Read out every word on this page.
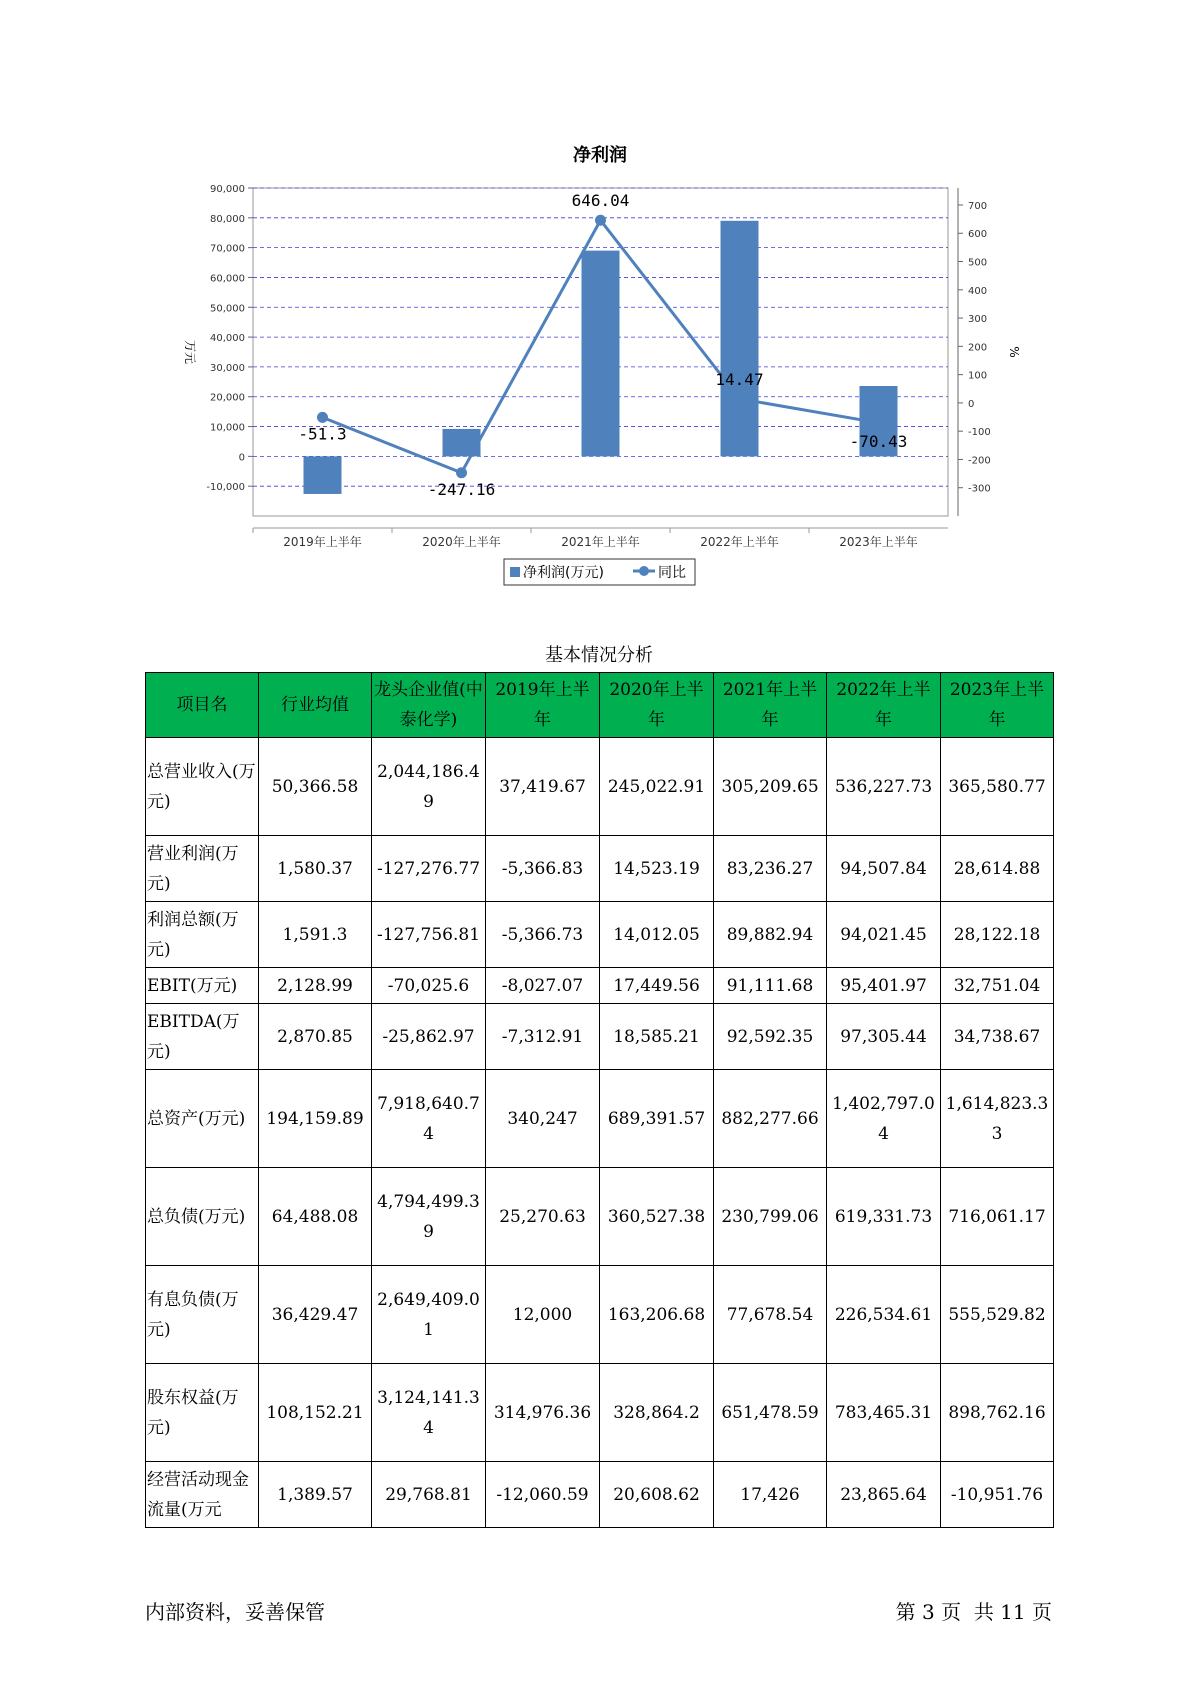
净利润
-10,000
0
10,000
20,000
30,000
40,000
50,000
60,000
70,000
80,000
90,000
-300
-200
-100
0
100
200
300
400
500
600
700
2019年上半年	2020年上半年	2021年上半年	2022年上半年	2023年上半年
万元	%
-51.3
-247.16
646.04
14.47
-70.43
净利润(万元)	同比
基本情况分析
项目名	行业均值	龙头企业值(中泰化学)	2019年上半年	2020年上半年	2021年上半年	2022年上半年	2023年上半年
总营业收入(万元)	50,366.58	2,044,186.49	37,419.67	245,022.91	305,209.65	536,227.73	365,580.77
营业利润(万元)	1,580.37	-127,276.77	-5,366.83	14,523.19	83,236.27	94,507.84	28,614.88
利润总额(万元)	1,591.3	-127,756.81	-5,366.73	14,012.05	89,882.94	94,021.45	28,122.18
EBIT(万元)	2,128.99	-70,025.6	-8,027.07	17,449.56	91,111.68	95,401.97	32,751.04
EBITDA(万元)	2,870.85	-25,862.97	-7,312.91	18,585.21	92,592.35	97,305.44	34,738.67
总资产(万元)	194,159.89	7,918,640.74	340,247	689,391.57	882,277.66	1,402,797.04	1,614,823.33
总负债(万元)	64,488.08	4,794,499.39	25,270.63	360,527.38	230,799.06	619,331.73	716,061.17
有息负债(万元)	36,429.47	2,649,409.01	12,000	163,206.68	77,678.54	226,534.61	555,529.82
股东权益(万元)	108,152.21	3,124,141.34	314,976.36	328,864.2	651,478.59	783,465.31	898,762.16
经营活动现金流量(万元	1,389.57	29,768.81	-12,060.59	20,608.62	17,426	23,865.64	-10,951.76
内部资料，妥善保管	第 3 页  共 11 页
